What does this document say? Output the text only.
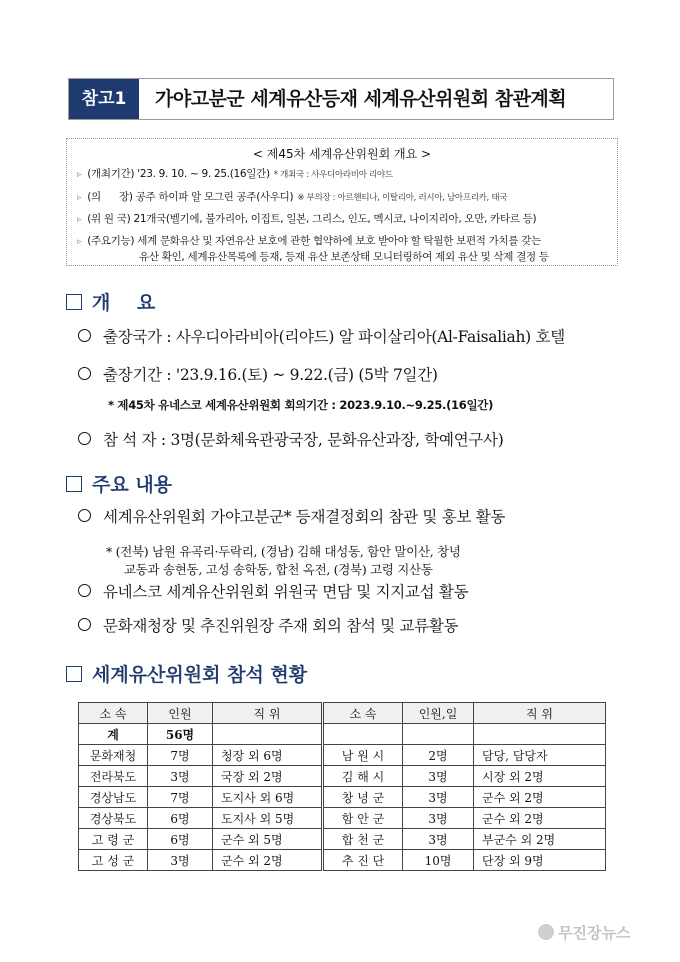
참고1	가야고분군 세계유산등재 세계유산위원회 참관계획
< 제45차 세계유산위원회 개요 >
▹ (개최기간) '23. 9. 10. ~ 9. 25.(16일간) * 개최국 : 사우디아라비아 리야드
▹ (의      장) 공주 하이파 알 모그린 공주(사우디) ※ 부의장 : 아르헨티나, 이탈리아, 러시아, 남아프리카, 태국
▹ (위 원 국) 21개국(벨기에, 불가리아, 이집트, 일본, 그리스, 인도, 멕시코, 나이지리아, 오만, 카타르 등)
▹ (주요기능) 세계 문화유산 및 자연유산 보호에 관한 협약하에 보호 받아야 할 탁월한 보편적 가치를 갖는
유산 확인, 세계유산목록에 등재, 등재 유산 보존상태 모니터링하여 제외 유산 및 삭제 결정 등
개    요
출장국가 : 사우디아라비아(리야드) 알 파이살리아(Al-Faisaliah) 호텔
출장기간 : '23.9.16.(토) ~ 9.22.(금) (5박 7일간)
* 제45차 유네스코 세계유산위원회 회의기간 : 2023.9.10.~9.25.(16일간)
참 석 자 : 3명(문화체육관광국장, 문화유산과장, 학예연구사)
주요 내용
세계유산위원회 가야고분군* 등재결정회의 참관 및 홍보 활동
* (전북) 남원 유곡리·두락리, (경남) 김해 대성동, 함안 말이산, 창녕
교동과 송현동, 고성 송학동, 합천 옥전, (경북) 고령 지산동
유네스코 세계유산위원회 위원국 면담 및 지지교섭 활동
문화재청장 및 추진위원장 주재 회의 참석 및 교류활동
세계유산위원회 참석 현황
소 속	인원	직 위	소 속	인원,일	직 위
계	56명				
문화재청	7명	청장 외 6명	남 원 시	2명	담당, 담당자
전라북도	3명	국장 외 2명	김 해 시	3명	시장 외 2명
경상남도	7명	도지사 외 6명	창 녕 군	3명	군수 외 2명
경상북도	6명	도지사 외 5명	함 안 군	3명	군수 외 2명
고 령 군	6명	군수 외 5명	합 천 군	3명	부군수 외 2명
고 성 군	3명	군수 외 2명	추 진 단	10명	단장 외 9명
무진장뉴스
